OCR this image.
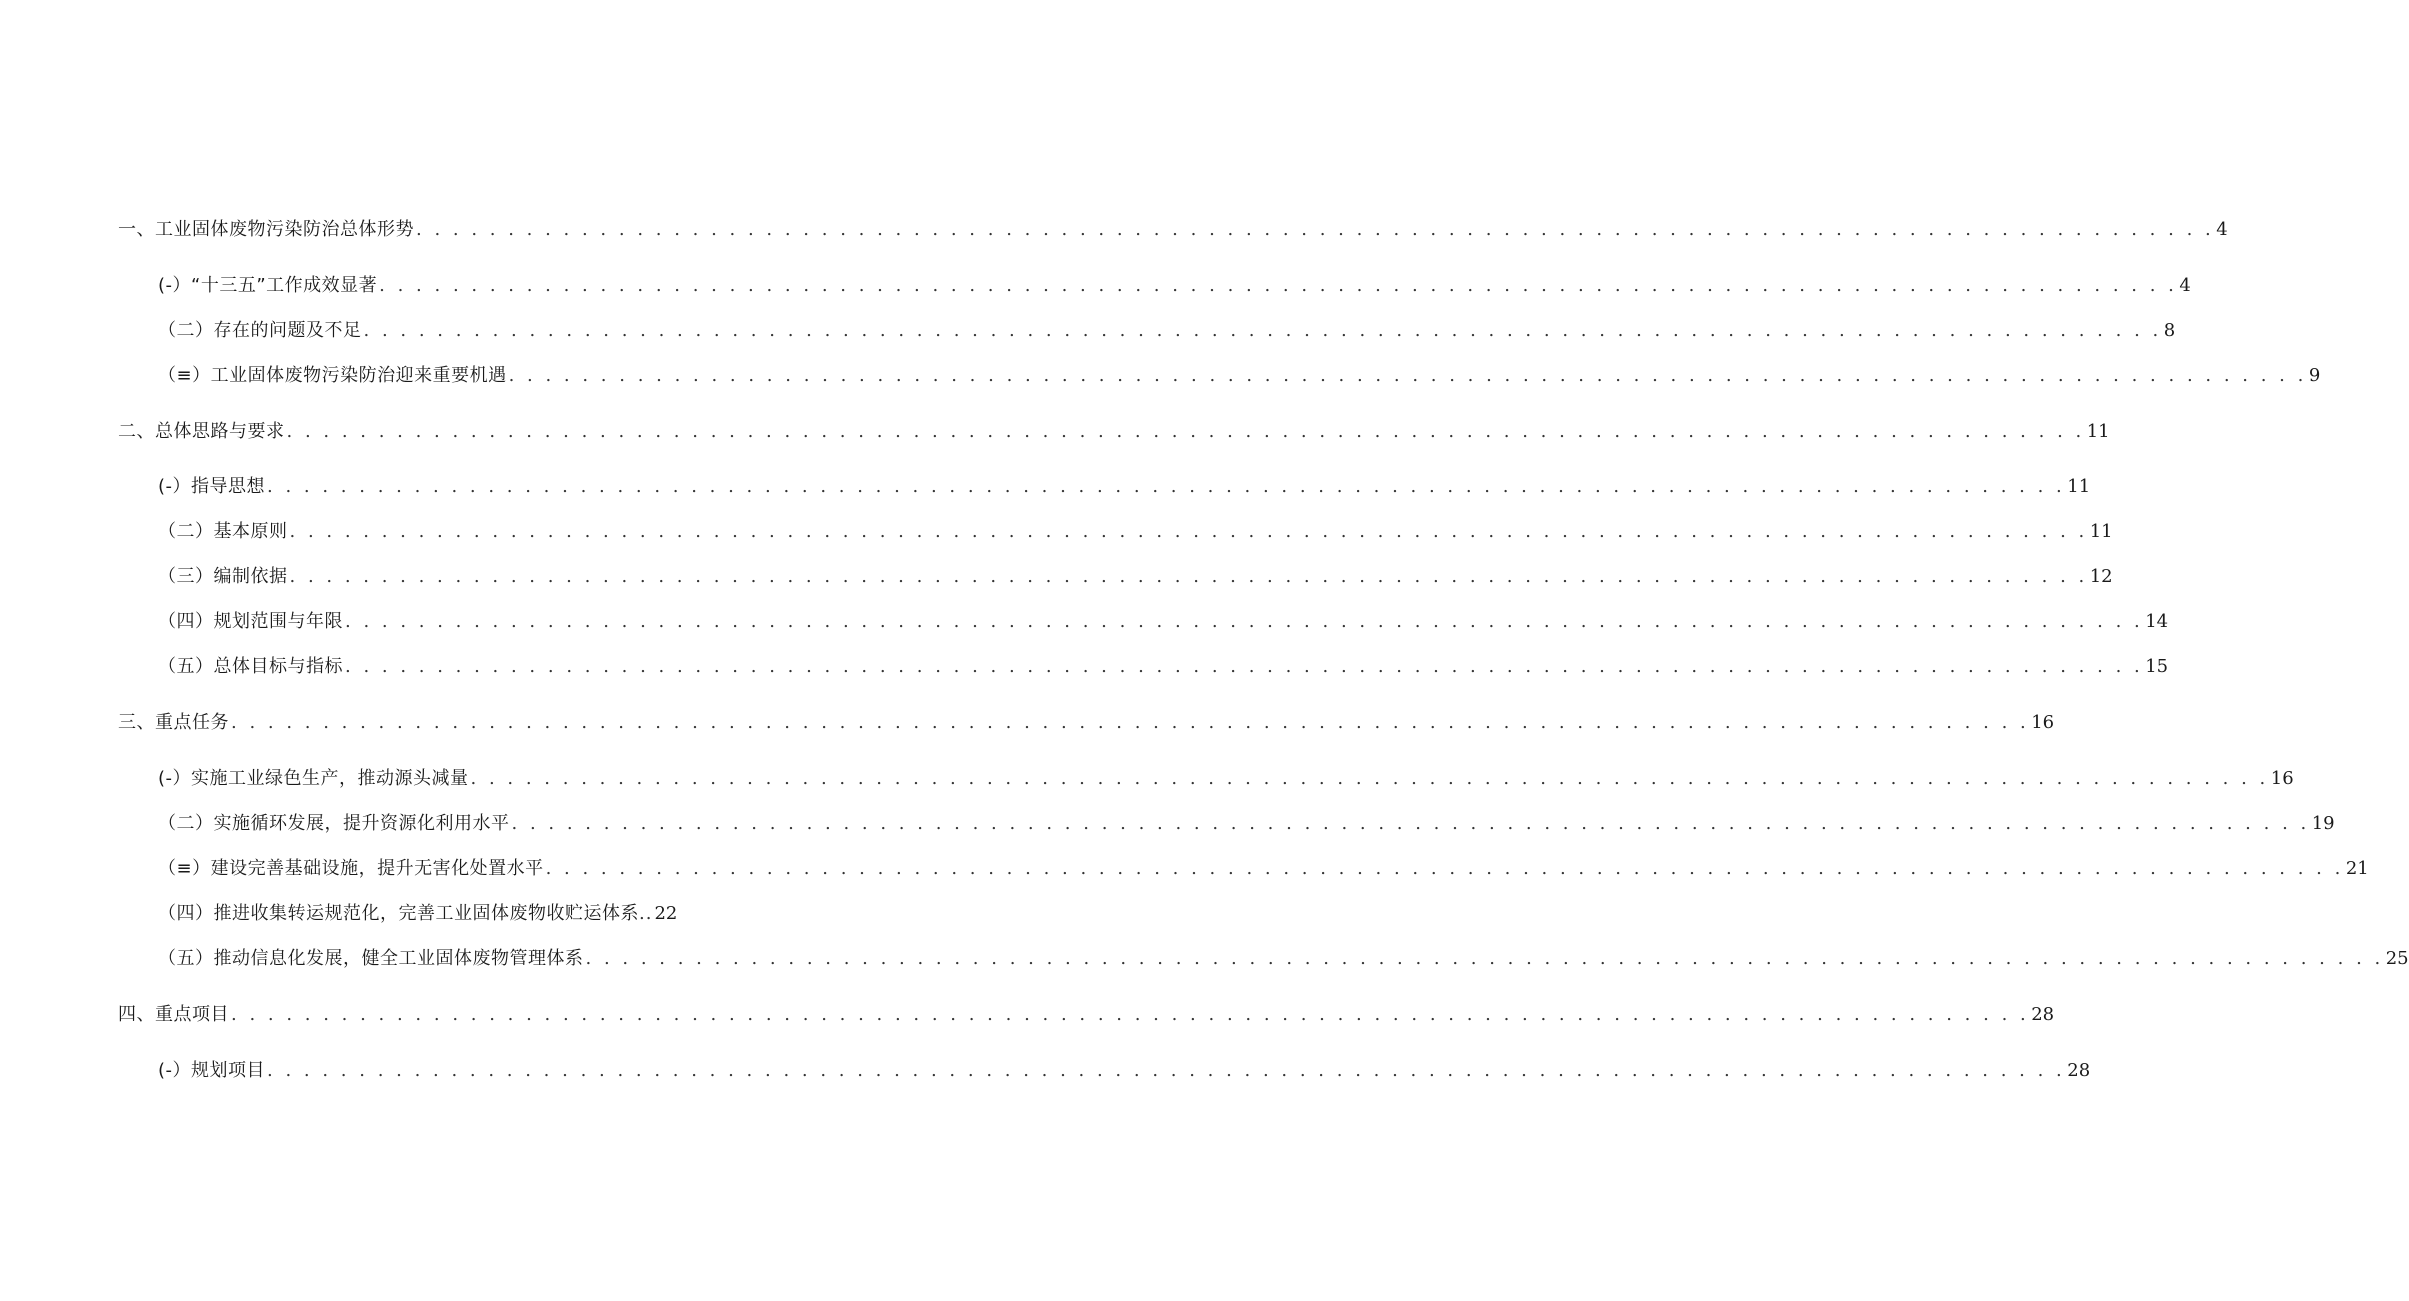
一、工业固体废物污染防治总体形势 . . . . . . . . . . . . . . . . . . . . . . . . . . . . . . . . . . . . . . . . . . . . . . . . . . . . . . . . . . . . . . . . . . . . . . . . . . . . . . . . . . . . . . . . . . . . . . . . . . 4
(-）“十三五”工作成效显著 . . . . . . . . . . . . . . . . . . . . . . . . . . . . . . . . . . . . . . . . . . . . . . . . . . . . . . . . . . . . . . . . . . . . . . . . . . . . . . . . . . . . . . . . . . . . . . . . . . 4
（二）存在的问题及不足 . . . . . . . . . . . . . . . . . . . . . . . . . . . . . . . . . . . . . . . . . . . . . . . . . . . . . . . . . . . . . . . . . . . . . . . . . . . . . . . . . . . . . . . . . . . . . . . . . . 8
（≡）工业固体废物污染防治迎来重要机遇 . . . . . . . . . . . . . . . . . . . . . . . . . . . . . . . . . . . . . . . . . . . . . . . . . . . . . . . . . . . . . . . . . . . . . . . . . . . . . . . . . . . . . . . . . . . . . . . . . . 9
二、总体思路与要求 . . . . . . . . . . . . . . . . . . . . . . . . . . . . . . . . . . . . . . . . . . . . . . . . . . . . . . . . . . . . . . . . . . . . . . . . . . . . . . . . . . . . . . . . . . . . . . . . . . 11
(-）指导思想 . . . . . . . . . . . . . . . . . . . . . . . . . . . . . . . . . . . . . . . . . . . . . . . . . . . . . . . . . . . . . . . . . . . . . . . . . . . . . . . . . . . . . . . . . . . . . . . . . . 11
（二）基本原则 . . . . . . . . . . . . . . . . . . . . . . . . . . . . . . . . . . . . . . . . . . . . . . . . . . . . . . . . . . . . . . . . . . . . . . . . . . . . . . . . . . . . . . . . . . . . . . . . . . 11
（三）编制依据 . . . . . . . . . . . . . . . . . . . . . . . . . . . . . . . . . . . . . . . . . . . . . . . . . . . . . . . . . . . . . . . . . . . . . . . . . . . . . . . . . . . . . . . . . . . . . . . . . . 12
（四）规划范围与年限 . . . . . . . . . . . . . . . . . . . . . . . . . . . . . . . . . . . . . . . . . . . . . . . . . . . . . . . . . . . . . . . . . . . . . . . . . . . . . . . . . . . . . . . . . . . . . . . . . . 14
（五）总体目标与指标 . . . . . . . . . . . . . . . . . . . . . . . . . . . . . . . . . . . . . . . . . . . . . . . . . . . . . . . . . . . . . . . . . . . . . . . . . . . . . . . . . . . . . . . . . . . . . . . . . . 15
三、重点任务 . . . . . . . . . . . . . . . . . . . . . . . . . . . . . . . . . . . . . . . . . . . . . . . . . . . . . . . . . . . . . . . . . . . . . . . . . . . . . . . . . . . . . . . . . . . . . . . . . . 16
(-）实施工业绿色生产，推动源头减量 . . . . . . . . . . . . . . . . . . . . . . . . . . . . . . . . . . . . . . . . . . . . . . . . . . . . . . . . . . . . . . . . . . . . . . . . . . . . . . . . . . . . . . . . . . . . . . . . . . 16
（二）实施循环发展，提升资源化利用水平 . . . . . . . . . . . . . . . . . . . . . . . . . . . . . . . . . . . . . . . . . . . . . . . . . . . . . . . . . . . . . . . . . . . . . . . . . . . . . . . . . . . . . . . . . . . . . . . . . . 19
（≡）建设完善基础设施，提升无害化处置水平 . . . . . . . . . . . . . . . . . . . . . . . . . . . . . . . . . . . . . . . . . . . . . . . . . . . . . . . . . . . . . . . . . . . . . . . . . . . . . . . . . . . . . . . . . . . . . . . . . . 21
（四）推进收集转运规范化，完善工业固体废物收贮运体系 .. 22
（五）推动信息化发展，健全工业固体废物管理体系 . . . . . . . . . . . . . . . . . . . . . . . . . . . . . . . . . . . . . . . . . . . . . . . . . . . . . . . . . . . . . . . . . . . . . . . . . . . . . . . . . . . . . . . . . . . . . . . . . . 25
四、重点项目 . . . . . . . . . . . . . . . . . . . . . . . . . . . . . . . . . . . . . . . . . . . . . . . . . . . . . . . . . . . . . . . . . . . . . . . . . . . . . . . . . . . . . . . . . . . . . . . . . . 28
(-）规划项目 . . . . . . . . . . . . . . . . . . . . . . . . . . . . . . . . . . . . . . . . . . . . . . . . . . . . . . . . . . . . . . . . . . . . . . . . . . . . . . . . . . . . . . . . . . . . . . . . . . 28
